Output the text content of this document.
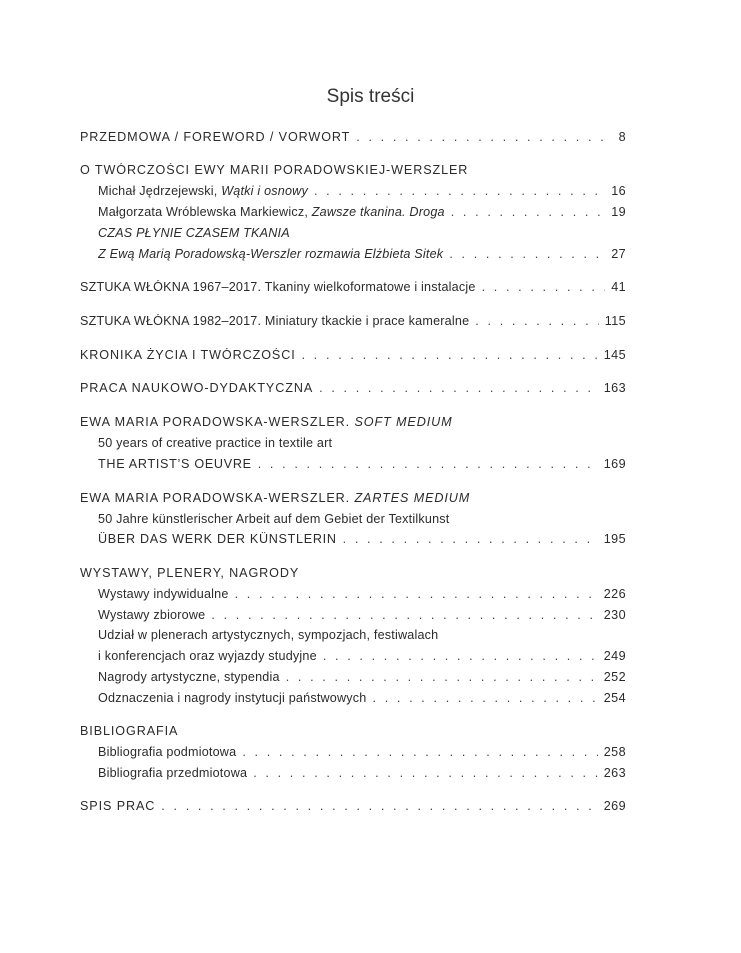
Spis treści
PRZEDMOWA / FOREWORD / VORWORT . . .	8
O TWÓRCZOŚCI EWY MARII PORADOWSKIEJ-WERSZLER
Michał Jędrzejewski, Wątki i osnowy . . .	16
Małgorzata Wróblewska Markiewicz, Zawsze tkanina. Droga . . .	19
CZAS PŁYNIE CZASEM TKANIA
Z Ewą Marią Poradowską-Werszler rozmawia Elżbieta Sitek . . .	27
SZTUKA WŁÓKNA 1967–2017. Tkaniny wielkoformatowe i instalacje . . .	41
SZTUKA WŁÓKNA 1982–2017. Miniatury tkackie i prace kameralne . . .	115
KRONIKA ŻYCIA I TWÓRCZOŚCI . . .	145
PRACA NAUKOWO-DYDAKTYCZNA . . .	163
EWA MARIA PORADOWSKA-WERSZLER. SOFT MEDIUM
50 years of creative practice in textile art
THE ARTIST’S OEUVRE . . .	169
EWA MARIA PORADOWSKA-WERSZLER. ZARTES MEDIUM
50 Jahre künstlerischer Arbeit auf dem Gebiet der Textilkunst
ÜBER DAS WERK DER KÜNSTLERIN . . .	195
WYSTAWY, PLENERY, NAGRODY
Wystawy indywidualne . . .	226
Wystawy zbiorowe . . .	230
Udział w plenerach artystycznych, sympozjach, festiwalach
i konferencjach oraz wyjazdy studyjne . . .	249
Nagrody artystyczne, stypendia . . .	252
Odznaczenia i nagrody instytucji państwowych . . .	254
BIBLIOGRAFIA
Bibliografia podmiotowa . . .	258
Bibliografia przedmiotowa . . .	263
SPIS PRAC . . .	269
